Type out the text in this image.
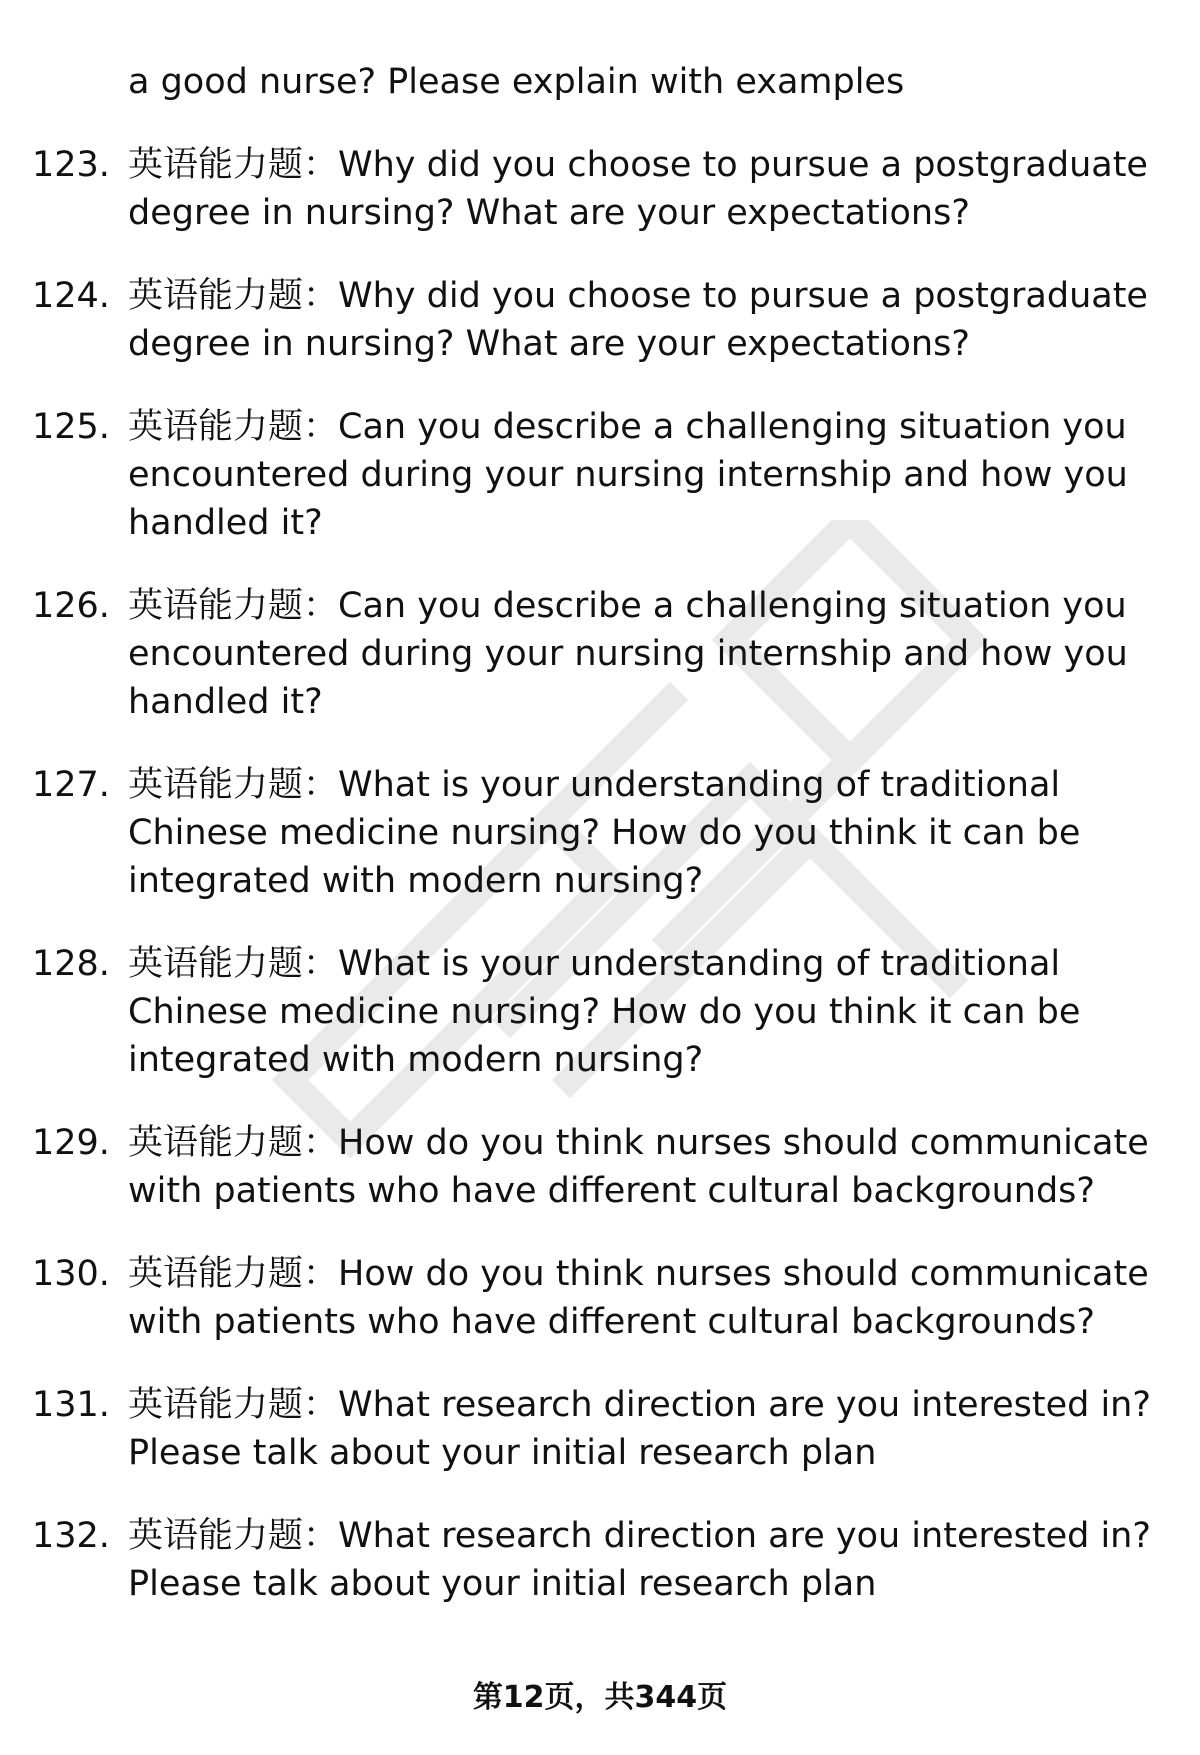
a good nurse? Please explain with examples
123. 英语能力题：Why did you choose to pursue a postgraduate
degree in nursing? What are your expectations?
124. 英语能力题：Why did you choose to pursue a postgraduate
degree in nursing? What are your expectations?
125. 英语能力题：Can you describe a challenging situation you
encountered during your nursing internship and how you
handled it?
126. 英语能力题：Can you describe a challenging situation you
encountered during your nursing internship and how you
handled it?
127. 英语能力题：What is your understanding of traditional
Chinese medicine nursing? How do you think it can be
integrated with modern nursing?
128. 英语能力题：What is your understanding of traditional
Chinese medicine nursing? How do you think it can be
integrated with modern nursing?
129. 英语能力题：How do you think nurses should communicate
with patients who have different cultural backgrounds?
130. 英语能力题：How do you think nurses should communicate
with patients who have different cultural backgrounds?
131. 英语能力题：What research direction are you interested in?
Please talk about your initial research plan
132. 英语能力题：What research direction are you interested in?
Please talk about your initial research plan
第12页，共344页
